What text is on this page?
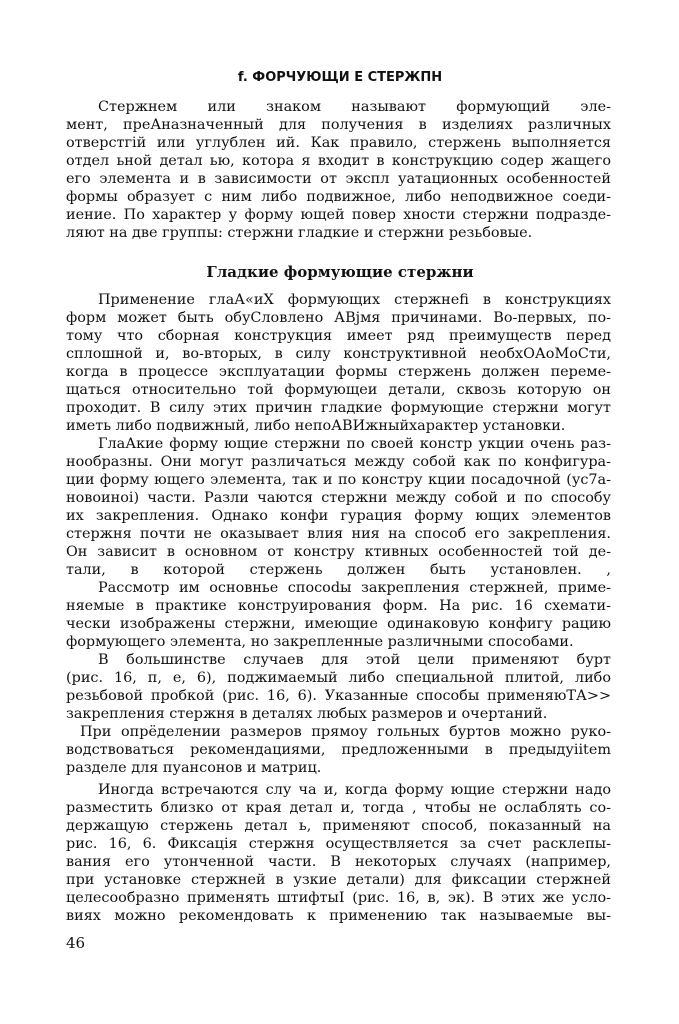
f. ФОРЧУЮЩИ Е СТЕРЖПН
Стержнем или знаком называют формующий эле-
мент, преАназначенный для получения в изделиях различных
отверстгій или углублен ий. Как правило, стержень выполняется
отдел ьной детал ью, котора я входит в конструкцию содер жащего
его элемента и в зависимости от экспл уатационных особенностей
формы образует с ним либо подвижное, либо неподвижное соеди-
иение. По характер у форму ющей повер хности стержни подразде-
ляют на две группы: стержни гладкие и стержни резьбовые.
Гладкие формующие стержни
Применение глаА«иХ формующих стержнеfi в конструкциях
форм может быть обуСловлено АВjмя причинами. Во-первых, по-
тому что сборная конструкция имеет ряд преимуществ перед
сплошной и, во-вторых, в силу конструктивной необхОАоМоСти,
когда в процессе эксплуатации формы стержень должен переме-
щаться относительно той формующеи детали, сквозь которую он
проходит. В силу этих причин гладкие формующие стержни могут
иметь либо подвижный, либо непоАВИжныйхарактер установки.
ГлаАкие форму ющие стержни по своей констр укции очень раз-
нообразны. Они могут различаться между собой как по конфигура-
ции форму ющего элемента, так и по констру кции посадочной (ус7а-
новоиноі) части. Разли чаются стержни между собой и по способу
их закрепления. Однако конфи гурация форму ющих элементов
стержня почти не оказывает влия ния на способ его закрепления.
Он зависит в основном от констру ктивных особенностей той де-
тали, в которой стержень должен быть установлен. ,
Рассмотр им основнье спосоdы закрепления стержней, приме-
няемые в практике конструирования форм. На рис. 16 схемати-
чески изображены стержни, имеющие одинаковую конфигу рацию
формующего элемента, но закрепленные различными способами.
В большинстве случаев для этой цели применяют бурт
(рис. 16, п, е, 6), поджимаемый либо специальной плитой, либо
резьбовой пробкой (рис. 16, 6). Указанные способы применяюТА>>
закрепления стержня в деталях любых размеров и очертаний.
При опрёделении размеров прямоу гольных буртов можно руко-
водствоваться рекомендациями, предложенными в предыдуiitem
разделе для пуансонов и матриц.
Иногда встречаются слу ча и, когда форму ющие стержни надо
разместить близко от края детал и, тогда , чтобы не ослаблять со-
держащую стержень детал ь, применяют способ, показанный на
рис. 16, 6. Фиксація стержня осуществляется за счет расклепы-
вания его утонченной части. В некоторых случаях (например,
при установке стержней в узкие детали) для фиксации стержней
целесообразно применять штифтыI (рис. 16, в, эк). В этих же усло-
виях можно рекомендовать к применению так называемые вы-
46
